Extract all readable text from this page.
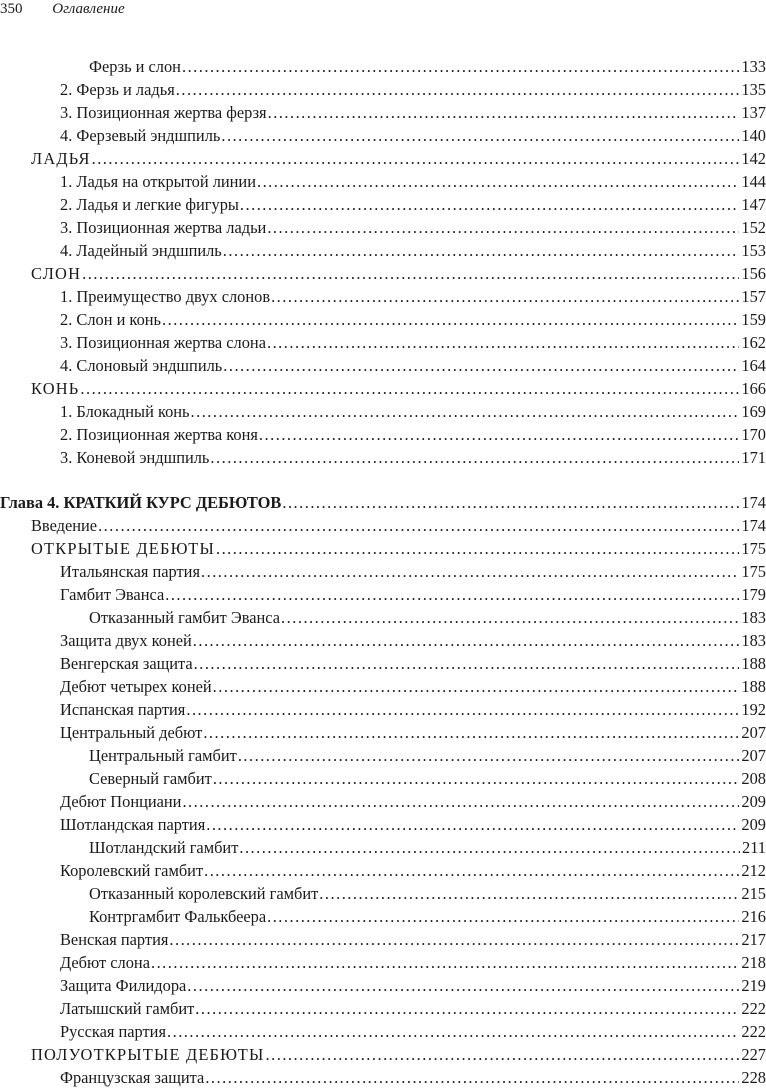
350 Оглавление
Ферзь и слон .....	133
2. Ферзь и ладья .....	135
3. Позиционная жертва ферзя .....	137
4. Ферзевый эндшпиль .....	140
ЛАДЬЯ .....	142
1. Ладья на открытой линии .....	144
2. Ладья и легкие фигуры .....	147
3. Позиционная жертва ладьи .....	152
4. Ладейный эндшпиль .....	153
СЛОН .....	156
1. Преимущество двух слонов .....	157
2. Слон и конь .....	159
3. Позиционная жертва слона .....	162
4. Слоновый эндшпиль .....	164
КОНЬ .....	166
1. Блокадный конь .....	169
2. Позиционная жертва коня .....	170
3. Коневой эндшпиль .....	171
Глава 4. КРАТКИЙ КУРС ДЕБЮТОВ .....	174
Введение .....	174
ОТКРЫТЫЕ ДЕБЮТЫ .....	175
Итальянская партия .....	175
Гамбит Эванса .....	179
Отказанный гамбит Эванса .....	183
Защита двух коней .....	183
Венгерская защита .....	188
Дебют четырех коней .....	188
Испанская партия .....	192
Центральный дебют .....	207
Центральный гамбит .....	207
Северный гамбит .....	208
Дебют Понциани .....	209
Шотландская партия .....	209
Шотландский гамбит .....	211
Королевский гамбит .....	212
Отказанный королевский гамбит .....	215
Контргамбит Фалькбеера .....	216
Венская партия .....	217
Дебют слона .....	218
Защита Филидора .....	219
Латышский гамбит .....	222
Русская партия .....	222
ПОЛУОТКРЫТЫЕ ДЕБЮТЫ .....	227
Французская защита .....	228
